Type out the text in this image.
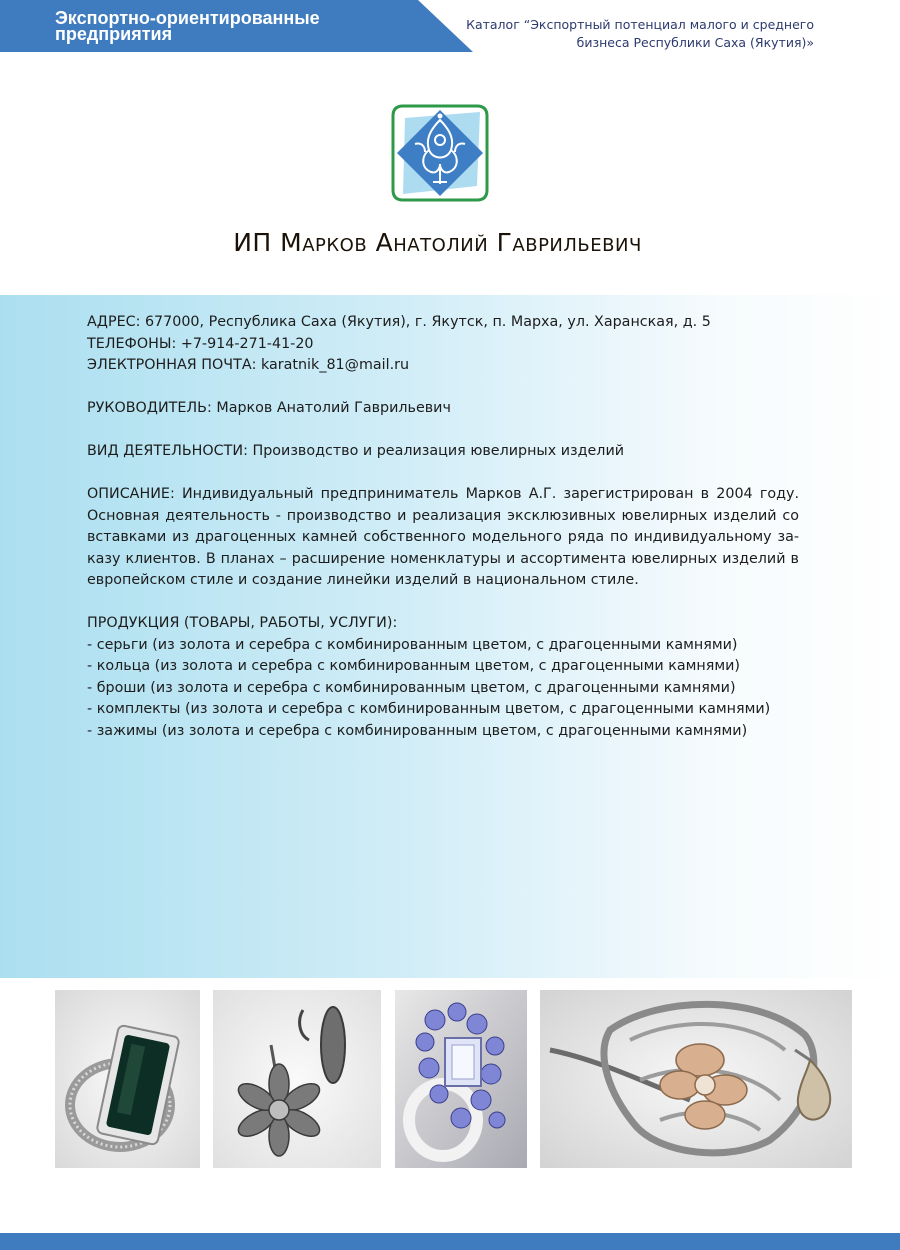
Экспортно-ориентированные
предприятия	Каталог “Экспортный потенциал малого и среднего
бизнеса Республики Саха (Якутия)»
ИП Марков Анатолий Гаврильевич

АДРЕС: 677000, Республика Саха (Якутия), г. Якутск, п. Марха, ул. Харанская, д. 5

ТЕЛЕФОНЫ: +7-914-271-41-20

ЭЛЕКТРОННАЯ ПОЧТА: karatnik_81@mail.ru

РУКОВОДИТЕЛЬ: Марков Анатолий Гаврильевич

ВИД ДЕЯТЕЛЬНОСТИ: Производство и реализация ювелирных изделий

ОПИСАНИЕ: Индивидуальный предприниматель Марков А.Г. зарегистрирован в 2004 году. Основная деятельность - производство и реализация эксклюзивных ювелирных изделий со вставками из драгоценных камней собственного модельного ряда по индивидуальному за-казу клиентов. В планах – расширение номенклатуры и ассортимента ювелирных изделий в европейском стиле и создание линейки изделий в национальном стиле.

ПРОДУКЦИЯ (ТОВАРЫ, РАБОТЫ, УСЛУГИ):

- серьги (из золота и серебра с комбинированным цветом, с драгоценными камнями)

- кольца (из золота и серебра с комбинированным цветом, с драгоценными камнями)

- броши (из золота и серебра с комбинированным цветом, с драгоценными камнями)

- комплекты (из золота и серебра с комбинированным цветом, с драгоценными камнями)

- зажимы (из золота и серебра с комбинированным цветом, с драгоценными камнями)
